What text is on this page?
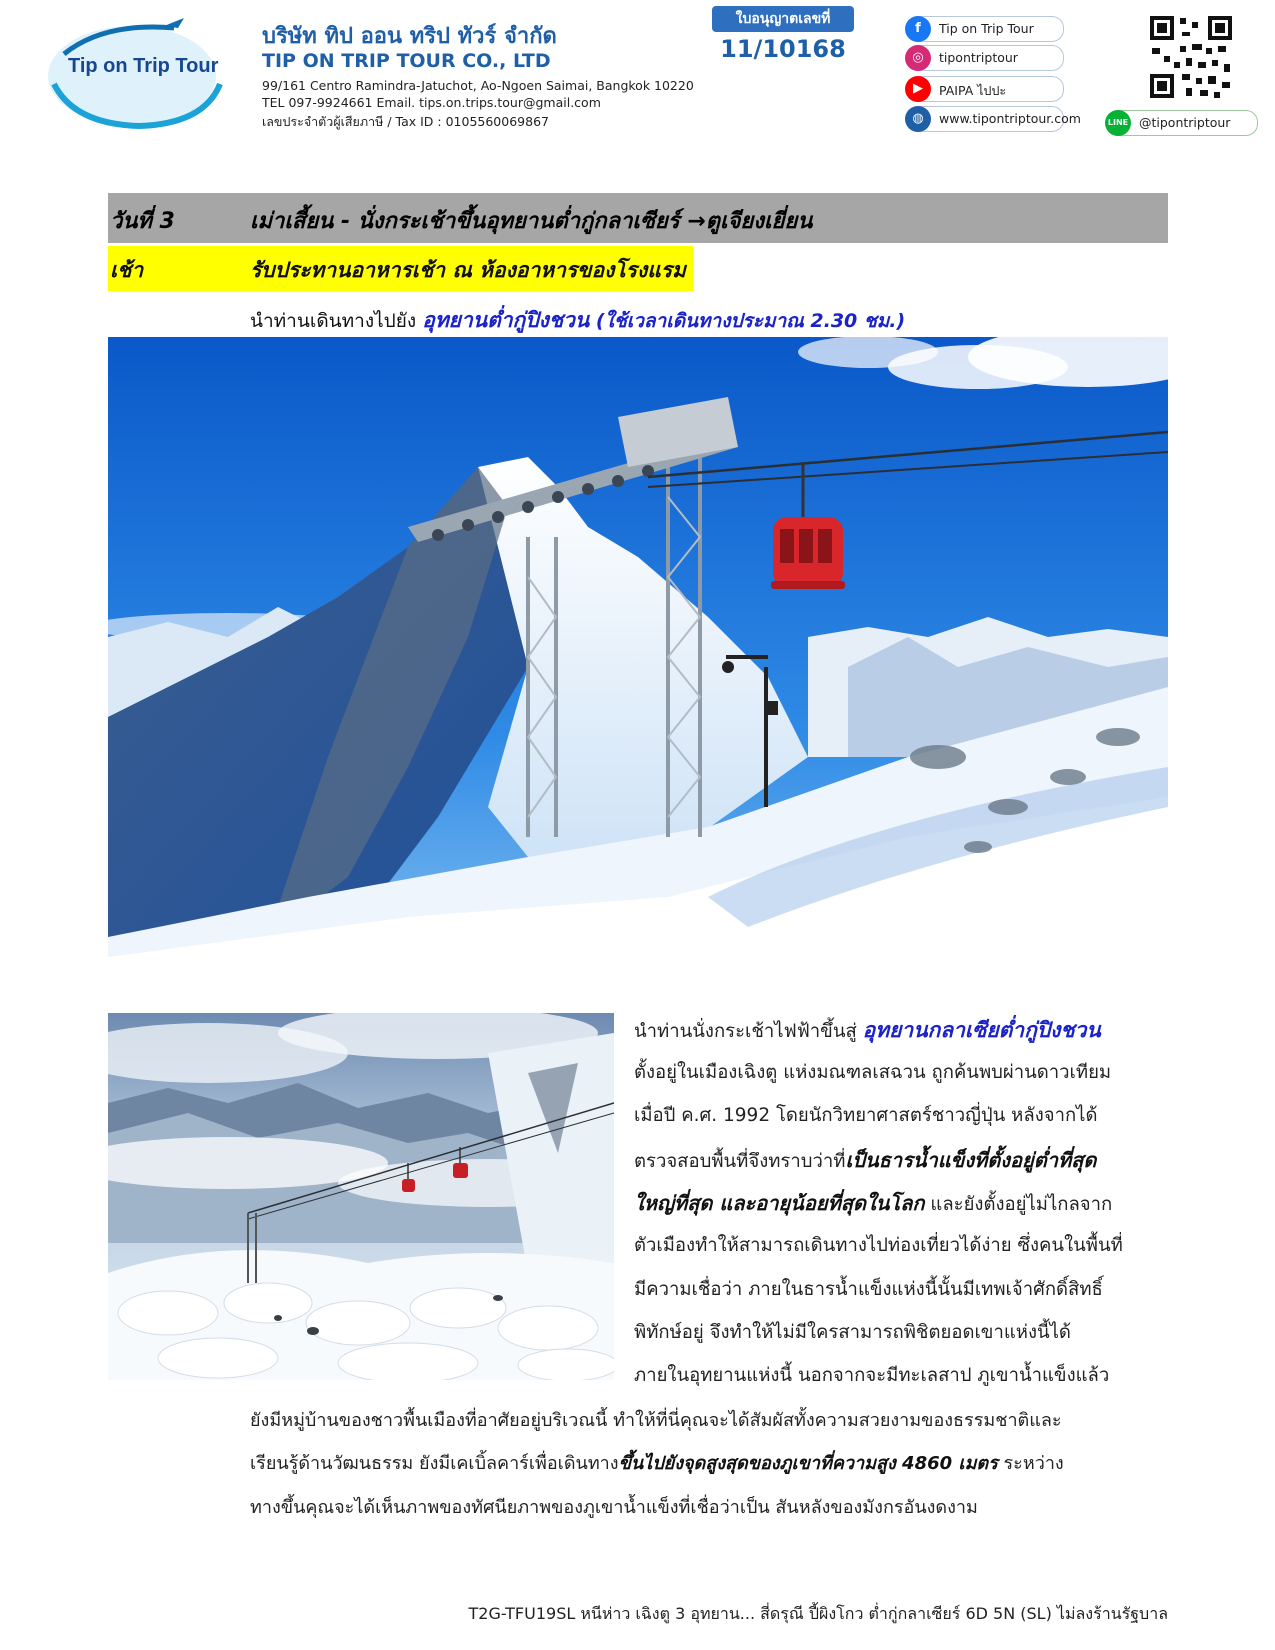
Tip on Trip Tour
บริษัท ทิป ออน ทริป ทัวร์ จำกัด
TIP ON TRIP TOUR CO., LTD
99/161 Centro Ramindra-Jatuchot, Ao-Ngoen Saimai, Bangkok 10220
TEL 097-9924661 Email. tips.on.trips.tour@gmail.com
เลขประจำตัวผู้เสียภาษี / Tax ID : 0105560069867
ใบอนุญาตเลขที่
11/10168
f	Tip on Trip Tour
◎	tipontriptour
▶	PAIPA ไปปะ
◍	www.tipontriptour.com	LINE @tipontriptour
วันที่ 3	เม่าเสี้ยน - นั่งกระเช้าขึ้นอุทยานต่ำกู่กลาเซียร์ →ตูเจียงเยี่ยน
เช้า	รับประทานอาหารเช้า ณ ห้องอาหารของโรงแรม
นำท่านเดินทางไปยัง อุทยานต่ำกู่ปิงชวน (ใช้เวลาเดินทางประมาณ 2.30 ชม.)
นำท่านนั่งกระเช้าไฟฟ้าขึ้นสู่ อุทยานกลาเซียต่ำกู่ปิงชวน
ตั้งอยู่ในเมืองเฉิงตู แห่งมณฑลเสฉวน ถูกค้นพบผ่านดาวเทียม
เมื่อปี ค.ศ. 1992 โดยนักวิทยาศาสตร์ชาวญี่ปุ่น หลังจากได้
ตรวจสอบพื้นที่จึงทราบว่าที่เป็นธารน้ำแข็งที่ตั้งอยู่ต่ำที่สุด
ใหญ่ที่สุด และอายุน้อยที่สุดในโลก และยังตั้งอยู่ไม่ไกลจาก
ตัวเมืองทำให้สามารถเดินทางไปท่องเที่ยวได้ง่าย ซึ่งคนในพื้นที่
มีความเชื่อว่า ภายในธารน้ำแข็งแห่งนี้นั้นมีเทพเจ้าศักดิ์สิทธิ์
พิทักษ์อยู่ จึงทำให้ไม่มีใครสามารถพิชิตยอดเขาแห่งนี้ได้
ภายในอุทยานแห่งนี้ นอกจากจะมีทะเลสาป ภูเขาน้ำแข็งแล้ว
ยังมีหมู่บ้านของชาวพื้นเมืองที่อาศัยอยู่บริเวณนี้ ทำให้ที่นี่คุณจะได้สัมผัสทั้งความสวยงามของธรรมชาติและ
เรียนรู้ด้านวัฒนธรรม ยังมีเคเบิ้ลคาร์เพื่อเดินทางขึ้นไปยังจุดสูงสุดของภูเขาที่ความสูง 4860 เมตร ระหว่าง
ทางขึ้นคุณจะได้เห็นภาพของทัศนียภาพของภูเขาน้ำแข็งที่เชื่อว่าเป็น สันหลังของมังกรอันงดงาม
T2G-TFU19SL หนีห่าว เฉิงตู 3 อุทยาน... สี่ดรุณี ปี้ผิงโกว ต่ำกู่กลาเซียร์ 6D 5N (SL) ไม่ลงร้านรัฐบาล
